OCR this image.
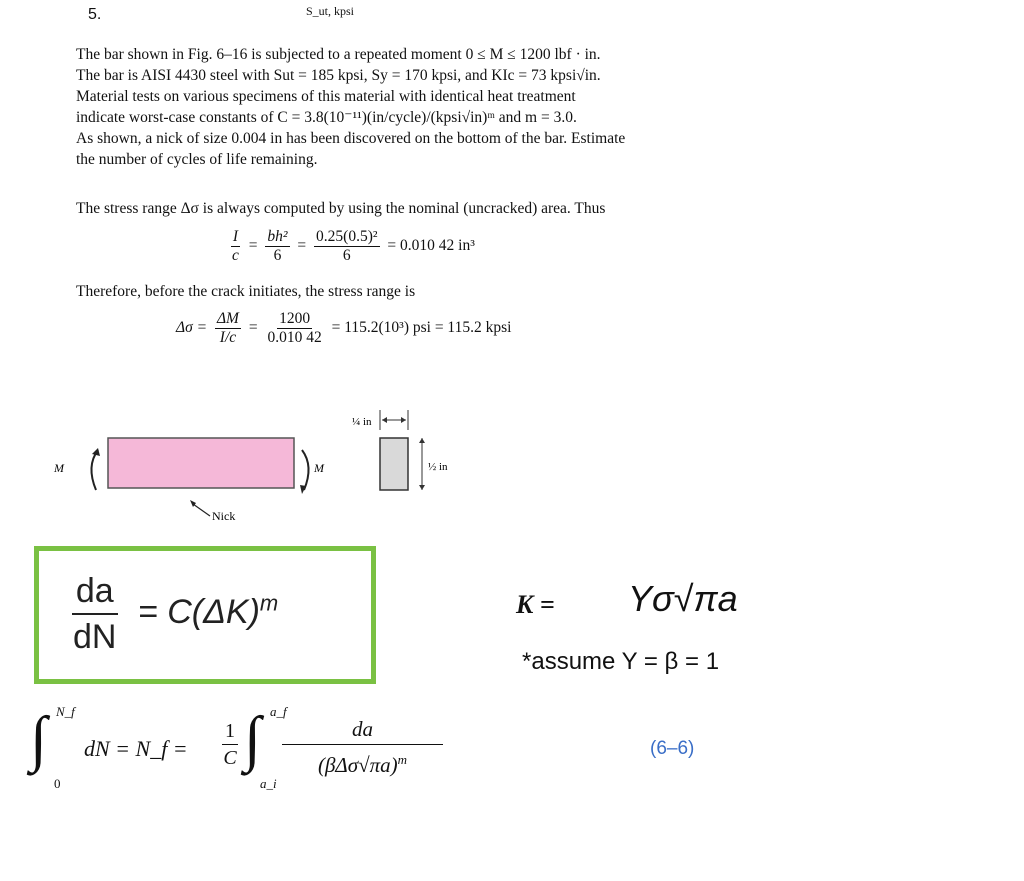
5.	S_ut, kpsi
The bar shown in Fig. 6–16 is subjected to a repeated moment 0 ≤ M ≤ 1200 lbf · in.
The bar is AISI 4430 steel with Sut = 185 kpsi, Sy = 170 kpsi, and KIc = 73 kpsi√in.
Material tests on various specimens of this material with identical heat treatment
indicate worst-case constants of C = 3.8(10⁻¹¹)(in/cycle)/(kpsi√in)ᵐ and m = 3.0.
As shown, a nick of size 0.004 in has been discovered on the bottom of the bar. Estimate
the number of cycles of life remaining.
The stress range Δσ is always computed by using the nominal (uncracked) area. Thus
$\frac{I}{c} = \frac{\text{bh²}}{6} = \frac{\text{0.25(0.5)²}}{6} = 0.010$ 42 in³
Therefore, before the crack initiates, the stress range is
$\Delta\sigma = \frac{\Delta M}{I/c} = \frac{1200}{0.010 42} = 115.2(10^3)$ psi = 115.2 kpsi
M	M
Nick
¼ in
½ in
$\frac{da}{dN} = C(\Delta K)^m$	K = Yσ√πa
*assume Y = β = 1
∫ N_f
0
dN = N_f =
1
C ∫ a_f
a_i
da
$(\beta\Delta\sigma√\pi a)^m$
(6–6)
